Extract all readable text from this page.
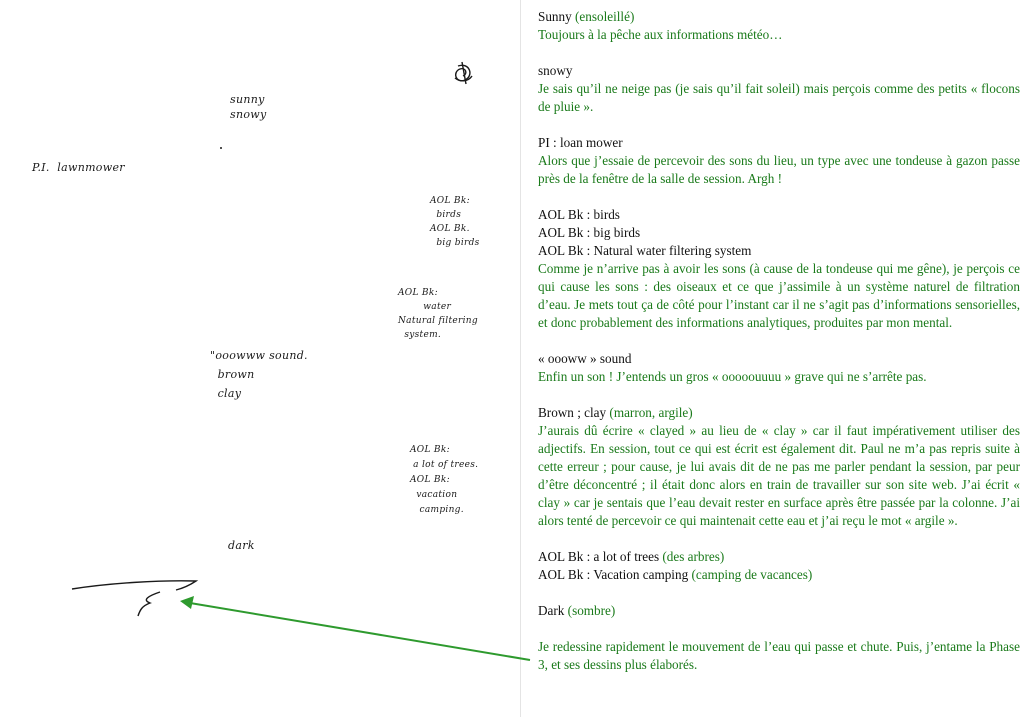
sunny
snowy
P.I.  lawnmower
AOL Bk:
birds
AOL Bk.
big birds
AOL Bk:
water
Natural filtering
system.
"ooowww sound.
brown
clay
AOL Bk:
a lot of trees.
AOL Bk:
vacation
camping.
dark
Sunny (ensoleillé)
Toujours à la pêche aux informations météo…
snowy
Je sais qu’il ne neige pas (je sais qu’il fait soleil) mais perçois comme des petits « flocons de pluie ».
PI : loan mower
Alors que j’essaie de percevoir des sons du lieu, un type avec une tondeuse à gazon passe près de la fenêtre de la salle de session. Argh !
AOL Bk : birds
AOL Bk : big birds
AOL Bk : Natural water filtering system
Comme je n’arrive pas à avoir les sons (à cause de la tondeuse qui me gêne), je perçois ce qui cause les sons : des oiseaux et ce que j’assimile à un système naturel de filtration d’eau. Je mets tout ça de côté pour l’instant car il ne s’agit pas d’informations sensorielles, et donc probablement des informations analytiques, produites par mon mental.
« oooww » sound
Enfin un son ! J’entends un gros « ooooouuuu » grave qui ne s’arrête pas.
Brown ; clay (marron, argile)
J’aurais dû écrire « clayed » au lieu de « clay » car il faut impérativement utiliser des adjectifs. En session, tout ce qui est écrit est également dit. Paul ne m’a pas repris suite à cette erreur ; pour cause, je lui avais dit de ne pas me parler pendant la session, par peur d’être déconcentré ; il était donc alors en train de travailler sur son site web. J’ai écrit « clay » car je sentais que l’eau devait rester en surface après être passée par la colonne. J’ai alors tenté de percevoir ce qui maintenait cette eau et j’ai reçu le mot « argile ».
AOL Bk : a lot of trees (des arbres)
AOL Bk : Vacation camping (camping de vacances)
Dark (sombre)
Je redessine rapidement le mouvement de l’eau qui passe et chute. Puis, j’entame la Phase 3, et ses dessins plus élaborés.
